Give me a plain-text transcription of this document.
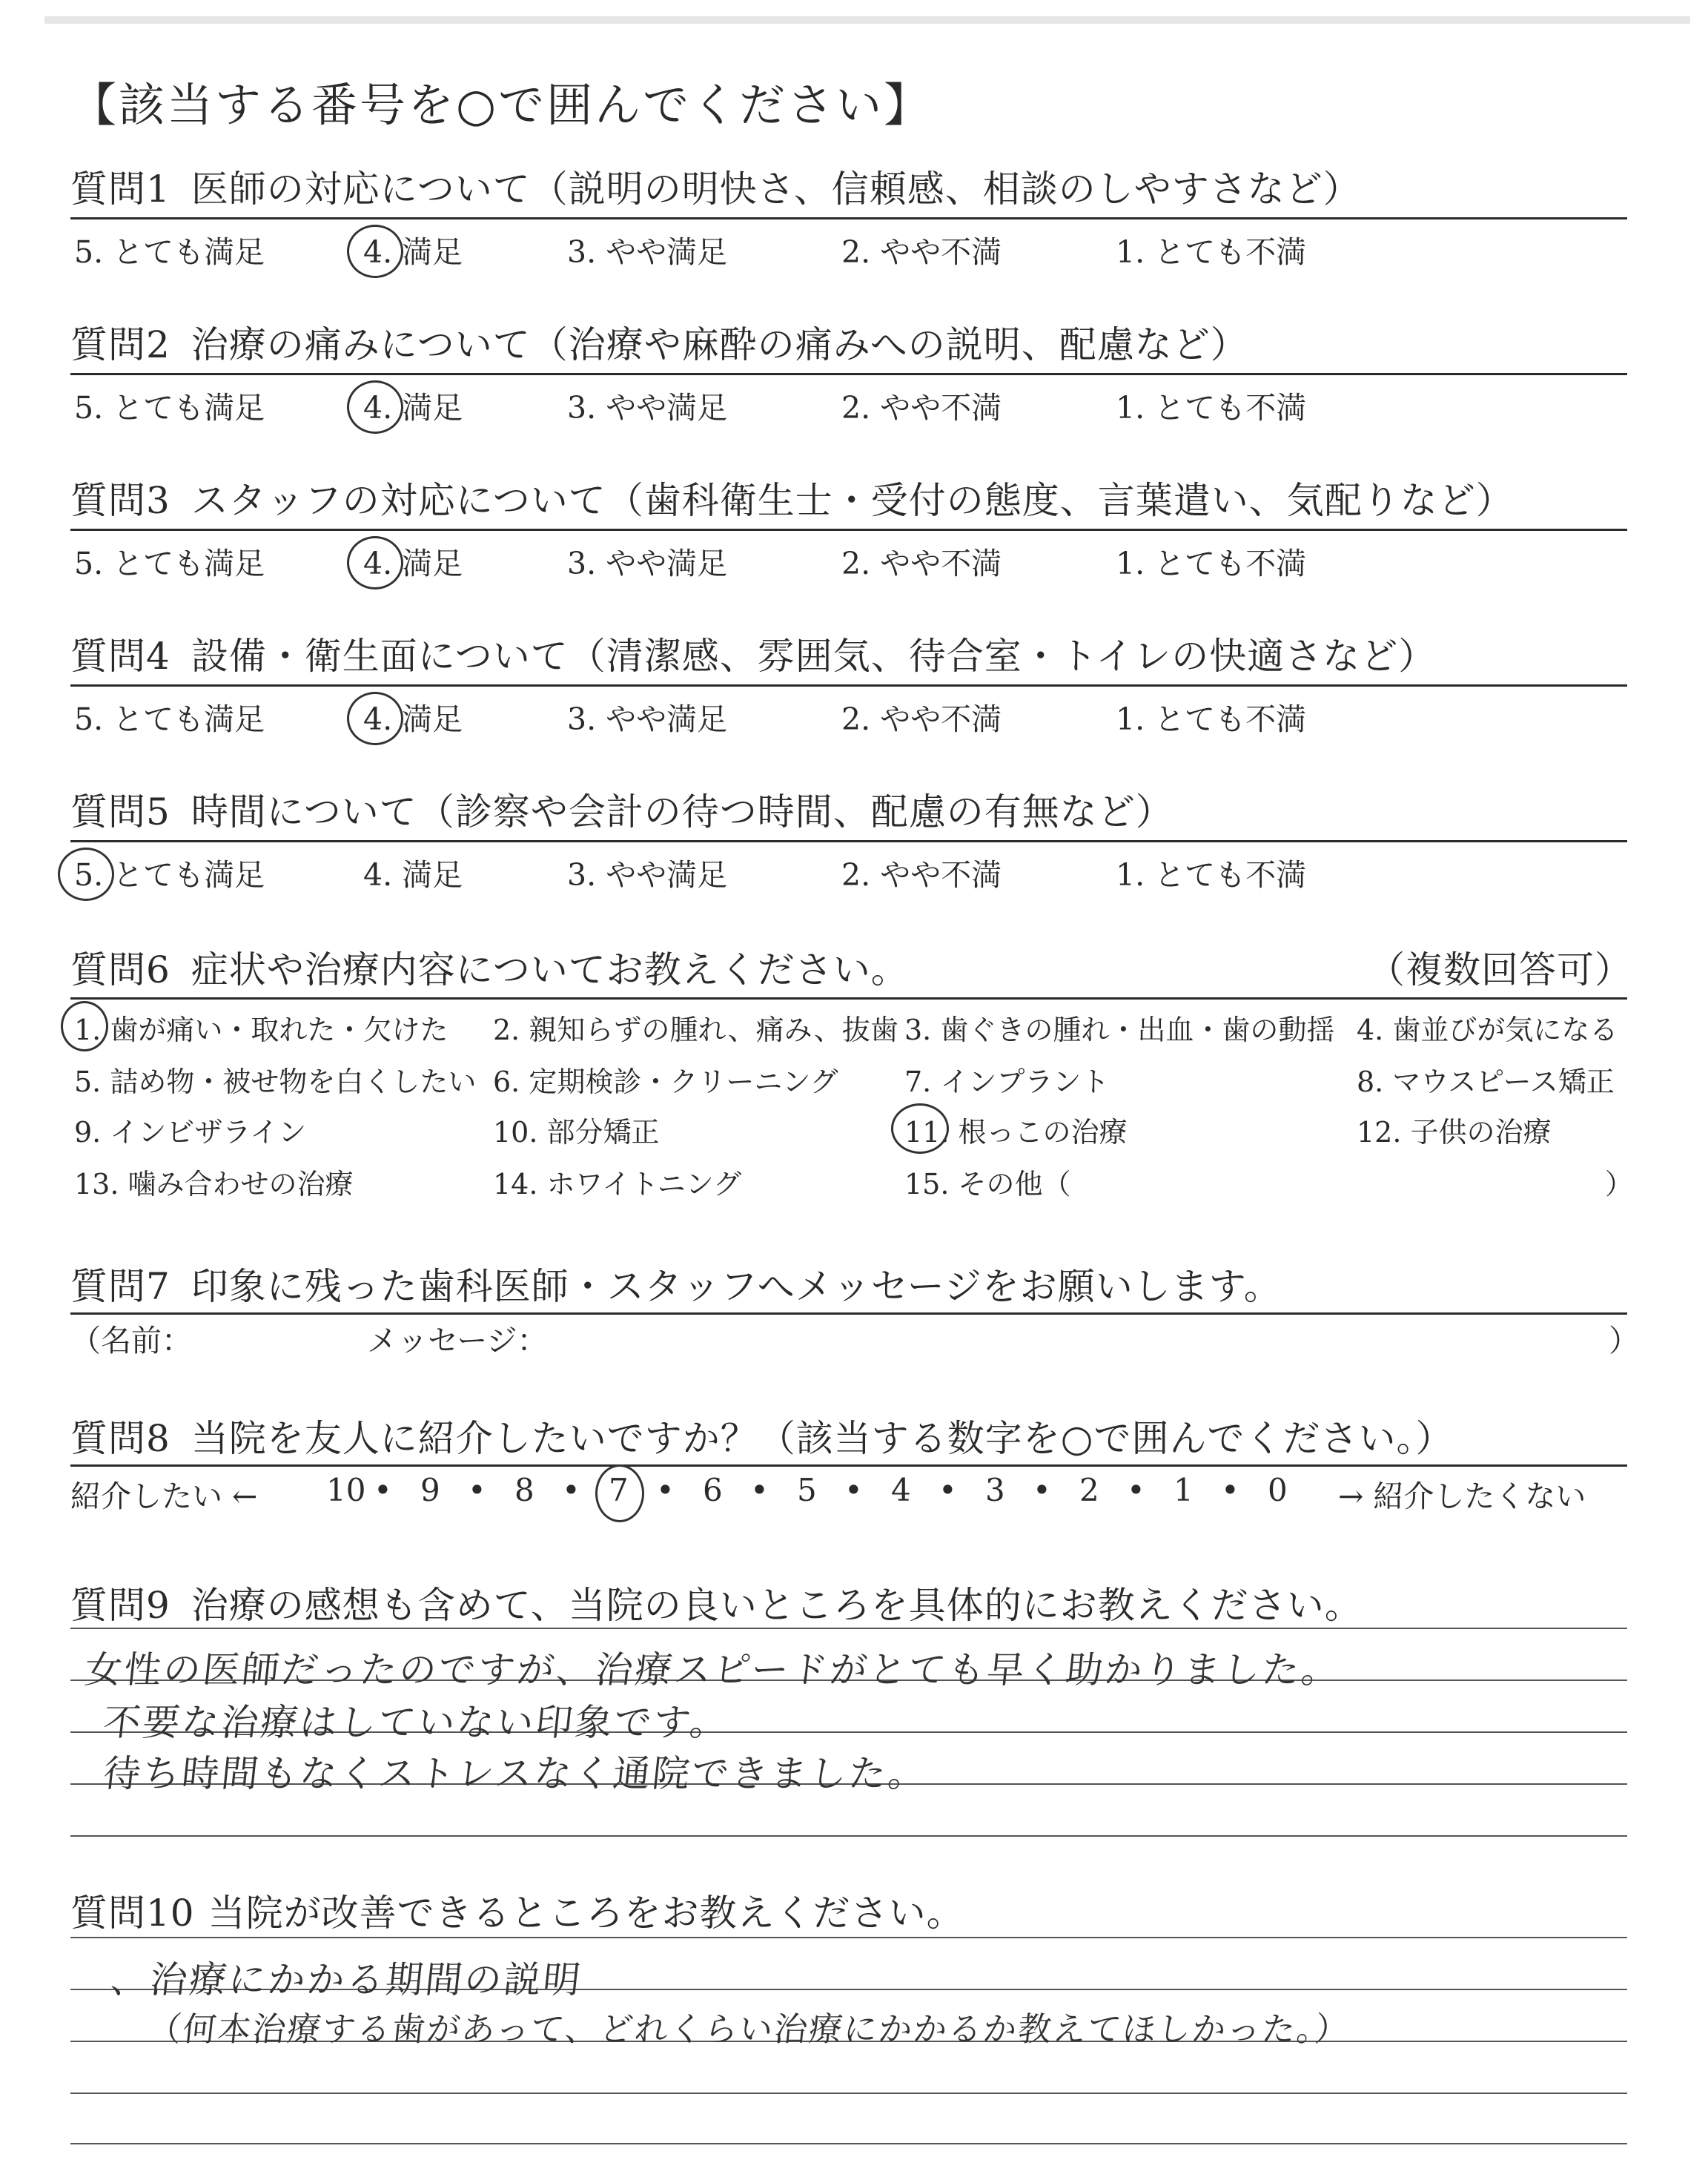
【該当する番号を○で囲んでください】
質問1 医師の対応について（説明の明快さ、信頼感、相談のしやすさなど）
5. とても満足	4. 満足	3. やや満足	2. やや不満	1. とても不満
質問2 治療の痛みについて（治療や麻酔の痛みへの説明、配慮など）
5. とても満足	4. 満足	3. やや満足	2. やや不満	1. とても不満
質問3 スタッフの対応について（歯科衛生士・受付の態度、言葉遣い、気配りなど）
5. とても満足	4. 満足	3. やや満足	2. やや不満	1. とても不満
質問4 設備・衛生面について（清潔感、雰囲気、待合室・トイレの快適さなど）
5. とても満足	4. 満足	3. やや満足	2. やや不満	1. とても不満
質問5 時間について（診察や会計の待つ時間、配慮の有無など）
5. とても満足	4. 満足	3. やや満足	2. やや不満	1. とても不満
質問6 症状や治療内容についてお教えください。	（複数回答可）
1. 歯が痛い・取れた・欠けた 2. 親知らずの腫れ、痛み、抜歯 3. 歯ぐきの腫れ・出血・歯の動揺 4. 歯並びが気になる
5. 詰め物・被せ物を白くしたい 6. 定期検診・クリーニング 7. インプラント	8. マウスピース矯正
9. インビザライン	10. 部分矯正	11. 根っこの治療	12. 子供の治療
13. 噛み合わせの治療	14. ホワイトニング	15. その他（	）
質問7 印象に残った歯科医師・スタッフへメッセージをお願いします。
（名前：	メッセージ：	）
質問8 当院を友人に紹介したいですか？（該当する数字を○で囲んでください。）
紹介したい ←	→ 紹介したくない
10 • 9 • 8 • 7 • 6 • 5 • 4 • 3 • 2 • 1 • 0
質問9 治療の感想も含めて、当院の良いところを具体的にお教えください。
女性の医師だったのですが、治療スピードがとても早く助かりました。
不要な治療はしていない印象です。
待ち時間もなくストレスなく通院できました。
質問10 当院が改善できるところをお教えください。
、治療にかかる期間の説明
（何本治療する歯があって、どれくらい治療にかかるか教えてほしかった。）
